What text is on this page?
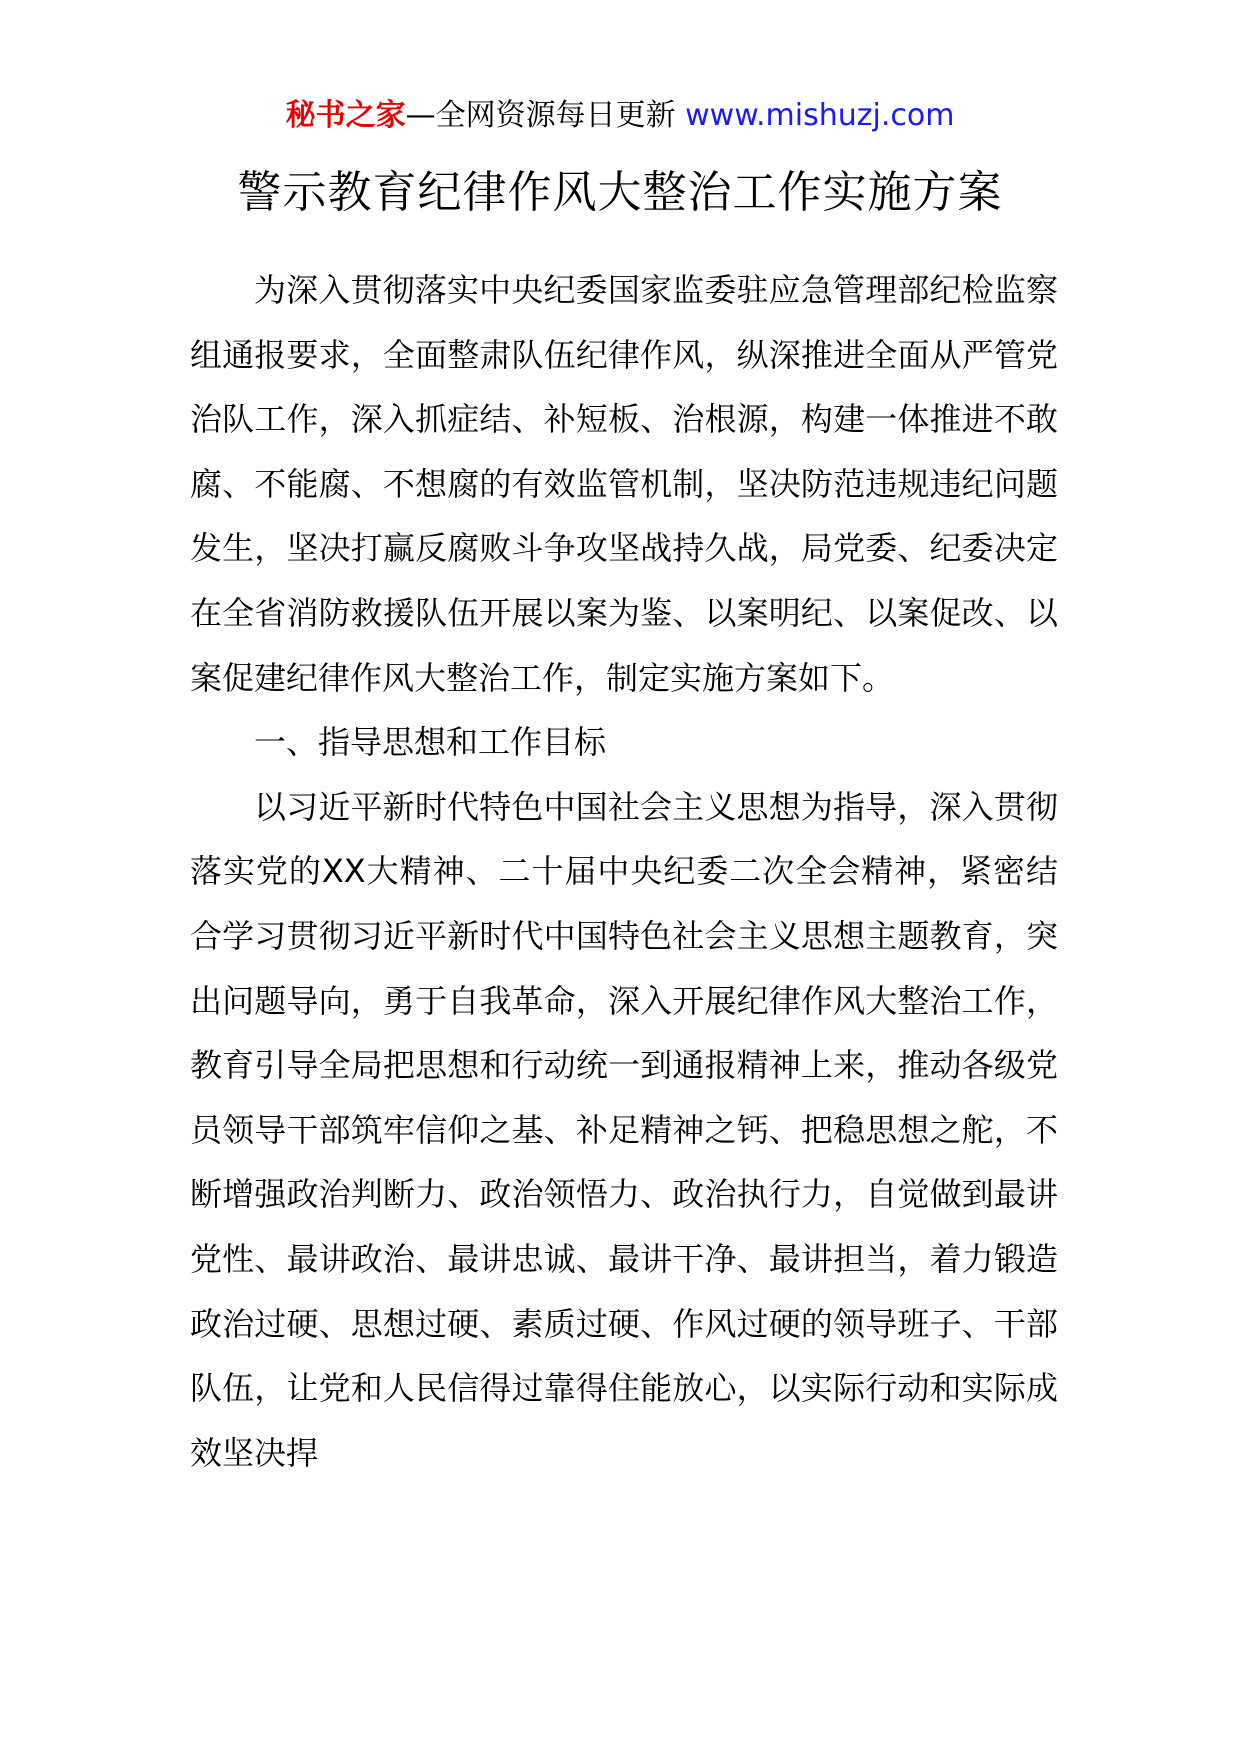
秘书之家—全网资源每日更新 www.mishuzj.com
警示教育纪律作风大整治工作实施方案

为深入贯彻落实中央纪委国家监委驻应急管理部纪检监察组通报要求，全面整肃队伍纪律作风，纵深推进全面从严管党治队工作，深入抓症结、补短板、治根源，构建一体推进不敢腐、不能腐、不想腐的有效监管机制，坚决防范违规违纪问题发生，坚决打赢反腐败斗争攻坚战持久战，局党委、纪委决定在全省消防救援队伍开展以案为鉴、以案明纪、以案促改、以案促建纪律作风大整治工作，制定实施方案如下。

一、指导思想和工作目标

以习近平新时代特色中国社会主义思想为指导，深入贯彻落实党的XX大精神、二十届中央纪委二次全会精神，紧密结合学习贯彻习近平新时代中国特色社会主义思想主题教育，突出问题导向，勇于自我革命，深入开展纪律作风大整治工作，教育引导全局把思想和行动统一到通报精神上来，推动各级党员领导干部筑牢信仰之基、补足精神之钙、把稳思想之舵，不断增强政治判断力、政治领悟力、政治执行力，自觉做到最讲党性、最讲政治、最讲忠诚、最讲干净、最讲担当，着力锻造政治过硬、思想过硬、素质过硬、作风过硬的领导班子、干部队伍，让党和人民信得过靠得住能放心，以实际行动和实际成效坚决捍
